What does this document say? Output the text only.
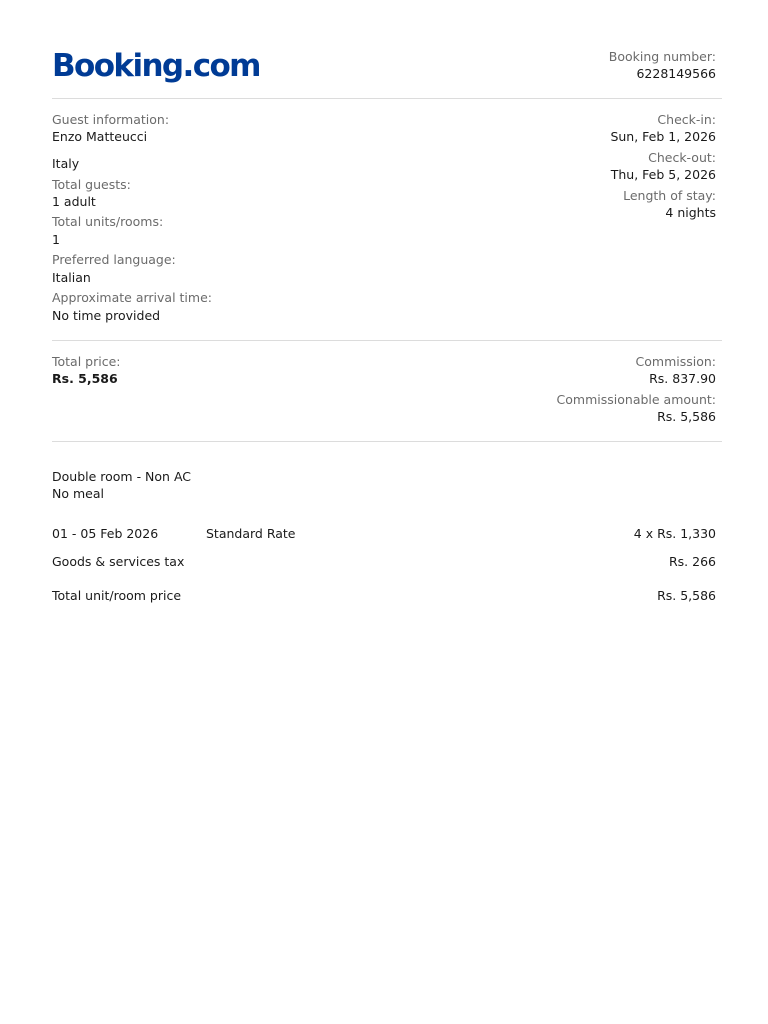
Booking.com	Booking number:
6228149566
Guest information:
Enzo Matteucci
Italy
Total guests:
1 adult
Total units/rooms:
1
Preferred language:
Italian
Approximate arrival time:
No time provided
Check-in:
Sun, Feb 1, 2026
Check-out:
Thu, Feb 5, 2026
Length of stay:
4 nights
Total price:
Rs. 5,586
Commission:
Rs. 837.90
Commissionable amount:
Rs. 5,586
Double room - Non AC
No meal
01 - 05 Feb 2026	Standard Rate	4 x Rs. 1,330
Goods & services tax	Rs. 266
Total unit/room price	Rs. 5,586
